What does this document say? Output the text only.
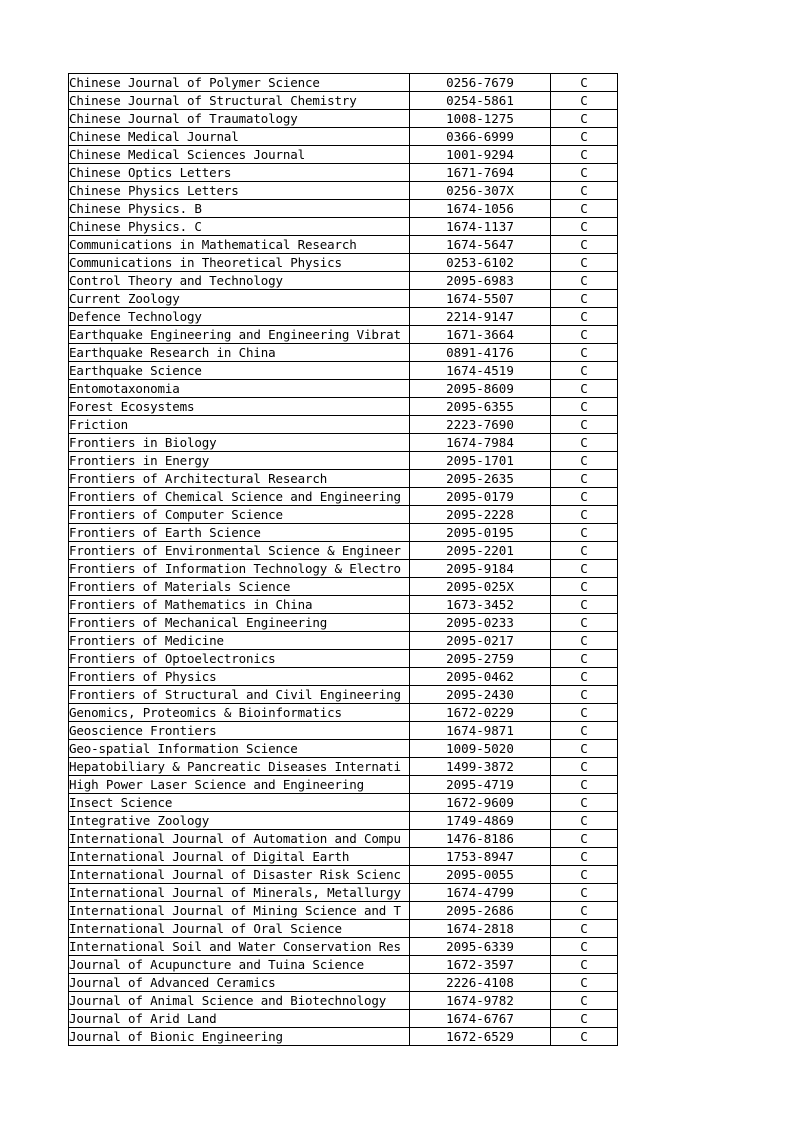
Chinese Journal of Polymer Science	0256-7679	C
Chinese Journal of Structural Chemistry	0254-5861	C
Chinese Journal of Traumatology	1008-1275	C
Chinese Medical Journal	0366-6999	C
Chinese Medical Sciences Journal	1001-9294	C
Chinese Optics Letters	1671-7694	C
Chinese Physics Letters	0256-307X	C
Chinese Physics. B	1674-1056	C
Chinese Physics. C	1674-1137	C
Communications in Mathematical Research	1674-5647	C
Communications in Theoretical Physics	0253-6102	C
Control Theory and Technology	2095-6983	C
Current Zoology	1674-5507	C
Defence Technology	2214-9147	C
Earthquake Engineering and Engineering Vibrat	1671-3664	C
Earthquake Research in China	0891-4176	C
Earthquake Science	1674-4519	C
Entomotaxonomia	2095-8609	C
Forest Ecosystems	2095-6355	C
Friction	2223-7690	C
Frontiers in Biology	1674-7984	C
Frontiers in Energy	2095-1701	C
Frontiers of Architectural Research	2095-2635	C
Frontiers of Chemical Science and Engineering	2095-0179	C
Frontiers of Computer Science	2095-2228	C
Frontiers of Earth Science	2095-0195	C
Frontiers of Environmental Science & Engineer	2095-2201	C
Frontiers of Information Technology & Electro	2095-9184	C
Frontiers of Materials Science	2095-025X	C
Frontiers of Mathematics in China	1673-3452	C
Frontiers of Mechanical Engineering	2095-0233	C
Frontiers of Medicine	2095-0217	C
Frontiers of Optoelectronics	2095-2759	C
Frontiers of Physics	2095-0462	C
Frontiers of Structural and Civil Engineering	2095-2430	C
Genomics, Proteomics & Bioinformatics	1672-0229	C
Geoscience Frontiers	1674-9871	C
Geo-spatial Information Science	1009-5020	C
Hepatobiliary & Pancreatic Diseases Internati	1499-3872	C
High Power Laser Science and Engineering	2095-4719	C
Insect Science	1672-9609	C
Integrative Zoology	1749-4869	C
International Journal of Automation and Compu	1476-8186	C
International Journal of Digital Earth	1753-8947	C
International Journal of Disaster Risk Scienc	2095-0055	C
International Journal of Minerals, Metallurgy	1674-4799	C
International Journal of Mining Science and T	2095-2686	C
International Journal of Oral Science	1674-2818	C
International Soil and Water Conservation Res	2095-6339	C
Journal of Acupuncture and Tuina Science	1672-3597	C
Journal of Advanced Ceramics	2226-4108	C
Journal of Animal Science and Biotechnology	1674-9782	C
Journal of Arid Land	1674-6767	C
Journal of Bionic Engineering	1672-6529	C
